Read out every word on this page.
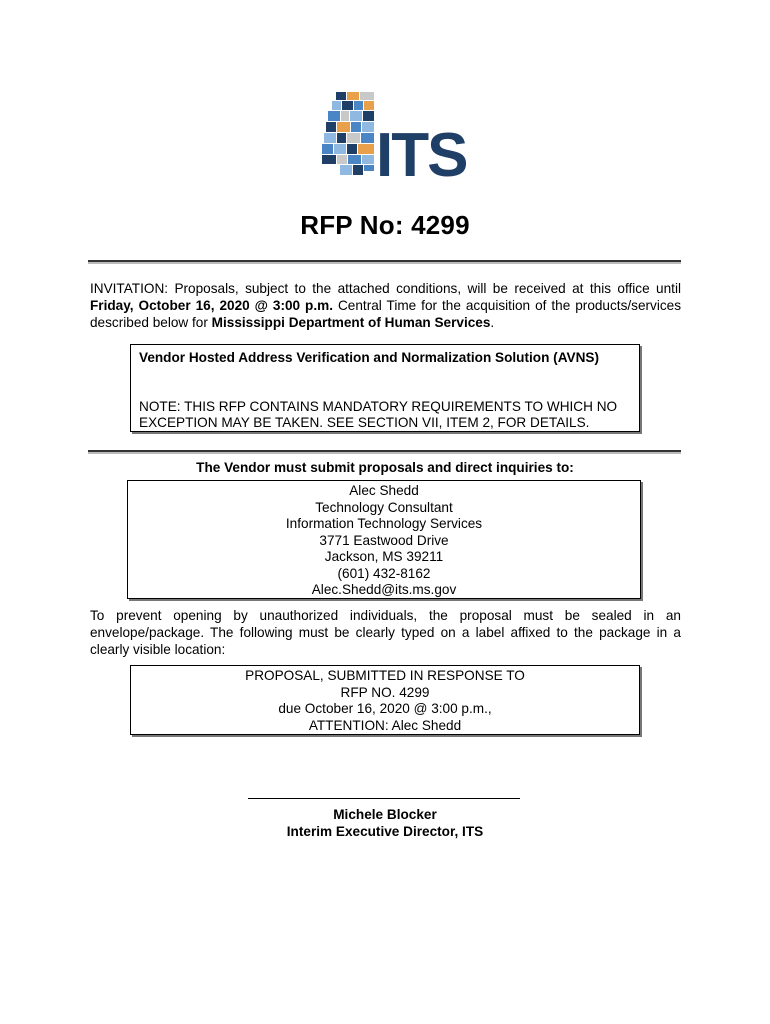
ITS
RFP No: 4299
INVITATION: Proposals, subject to the attached conditions, will be received at this office until Friday, October 16, 2020 @ 3:00 p.m. Central Time for the acquisition of the products/services described below for Mississippi Department of Human Services.
Vendor Hosted Address Verification and Normalization Solution (AVNS)
NOTE: THIS RFP CONTAINS MANDATORY REQUIREMENTS TO WHICH NO EXCEPTION MAY BE TAKEN. SEE SECTION VII, ITEM 2, FOR DETAILS.
The Vendor must submit proposals and direct inquiries to:
Alec Shedd
Technology Consultant
Information Technology Services
3771 Eastwood Drive
Jackson, MS 39211
(601) 432-8162
Alec.Shedd@its.ms.gov
To prevent opening by unauthorized individuals, the proposal must be sealed in an envelope/package. The following must be clearly typed on a label affixed to the package in a clearly visible location:
PROPOSAL, SUBMITTED IN RESPONSE TO
RFP NO. 4299
due October 16, 2020 @ 3:00 p.m.,
ATTENTION: Alec Shedd
Michele Blocker
Interim Executive Director, ITS
